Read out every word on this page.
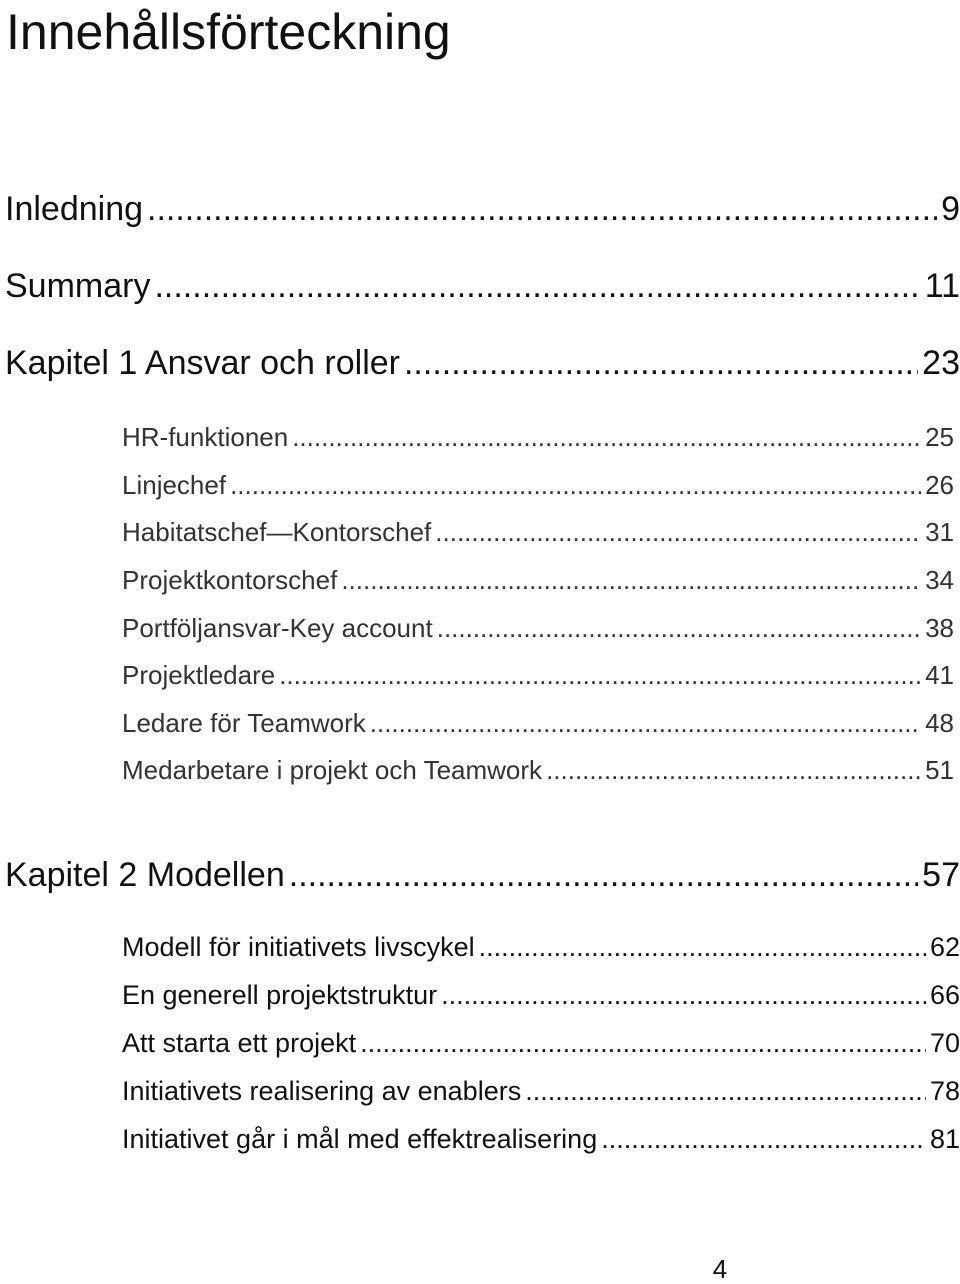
Innehållsförteckning
Inledning .....	9
Summary .....	11
Kapitel 1 Ansvar och roller .....	23
HR-funktionen .....	25
Linjechef .....	26
Habitatschef—Kontorschef .....	31
Projektkontorschef .....	34
Portföljansvar-Key account .....	38
Projektledare .....	41
Ledare för Teamwork .....	48
Medarbetare i projekt och Teamwork .....	51
Kapitel 2 Modellen .....	57
Modell för initiativets livscykel .....	62
En generell projektstruktur .....	66
Att starta ett projekt .....	70
Initiativets realisering av enablers .....	78
Initiativet går i mål med effektrealisering .....	81
4
